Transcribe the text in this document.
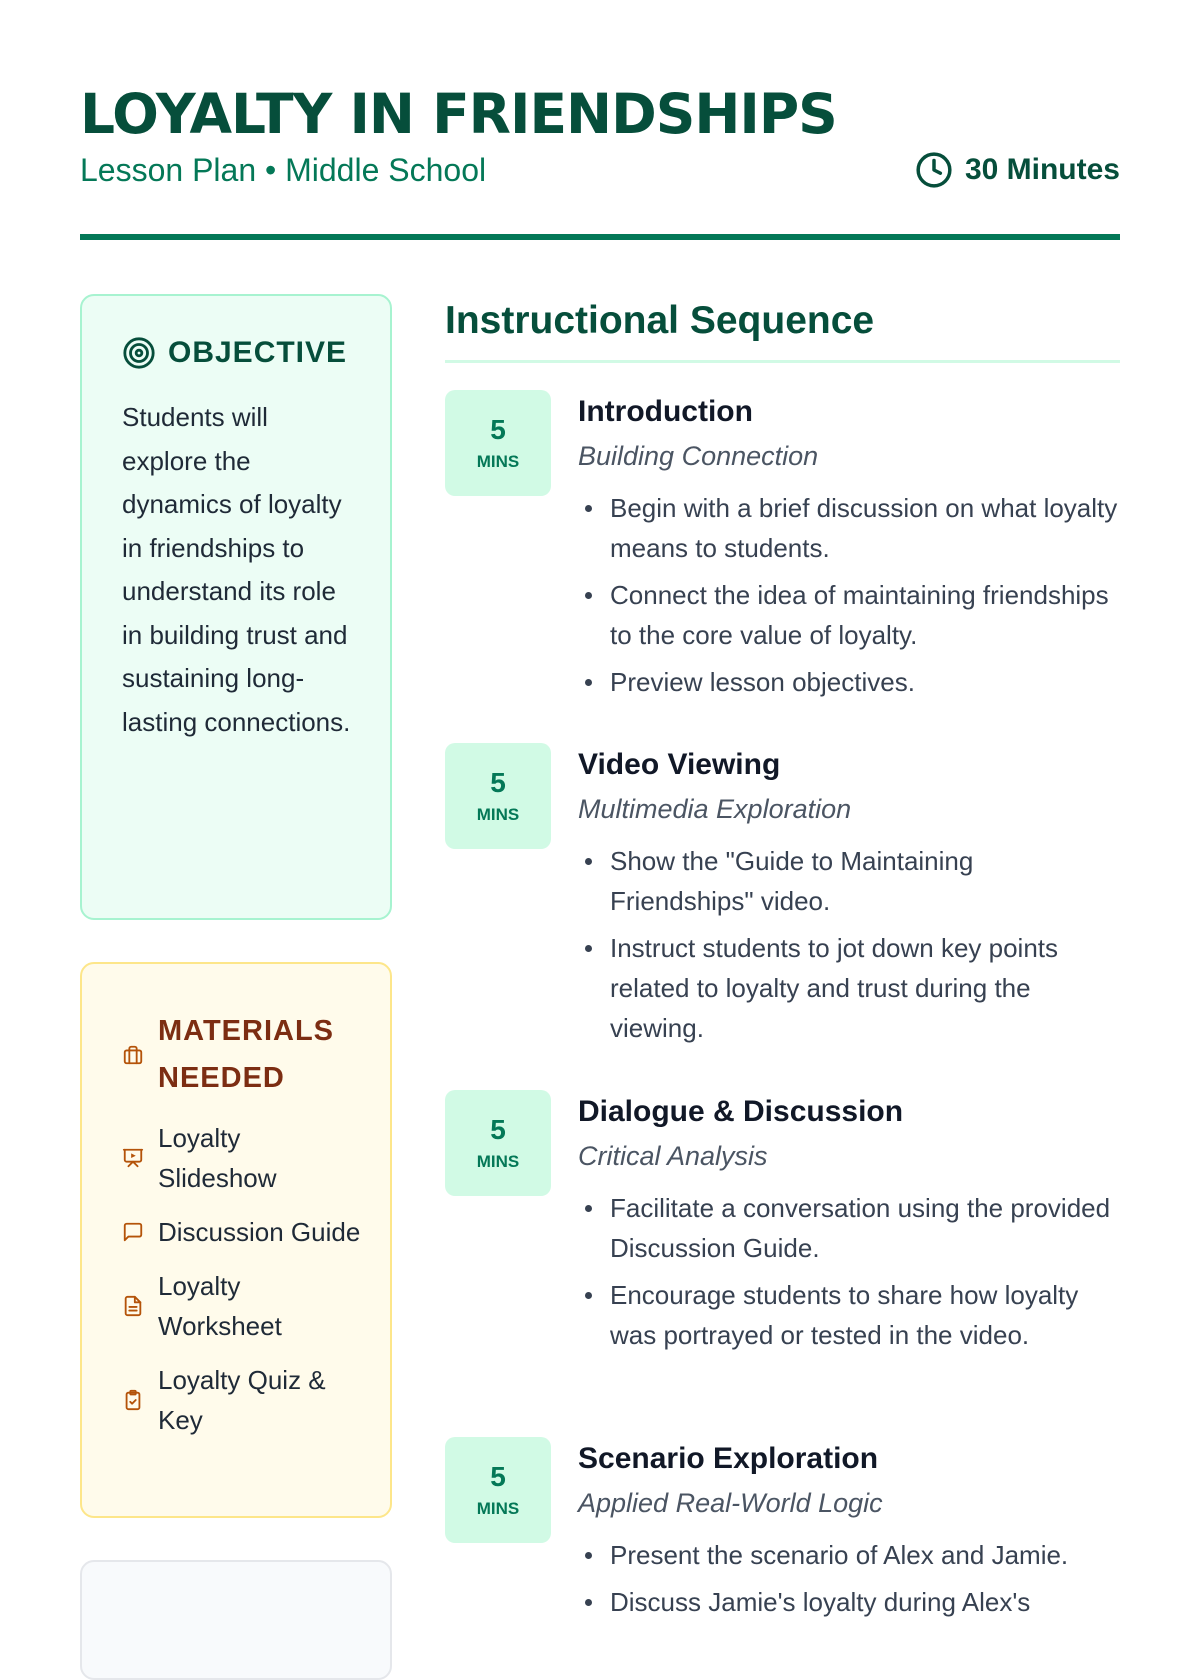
LOYALTY IN FRIENDSHIPS
Lesson Plan • Middle School	30 Minutes
OBJECTIVE
Students will explore the dynamics of loyalty in friendships to understand its role in building trust and sustaining long-lasting connections.
MATERIALS NEEDED
Loyalty Slideshow
Discussion Guide
Loyalty Worksheet
Loyalty Quiz & Key
Instructional Sequence
5
MINS
Introduction

Building Connection

Begin with a brief discussion on what loyalty means to students.
Connect the idea of maintaining friendships to the core value of loyalty.
Preview lesson objectives.
5
MINS
Video Viewing

Multimedia Exploration

Show the "Guide to Maintaining Friendships" video.
Instruct students to jot down key points related to loyalty and trust during the viewing.
5
MINS
Dialogue & Discussion

Critical Analysis

Facilitate a conversation using the provided Discussion Guide.
Encourage students to share how loyalty was portrayed or tested in the video.
5
MINS
Scenario Exploration

Applied Real-World Logic

Present the scenario of Alex and Jamie.
Discuss Jamie's loyalty during Alex's
